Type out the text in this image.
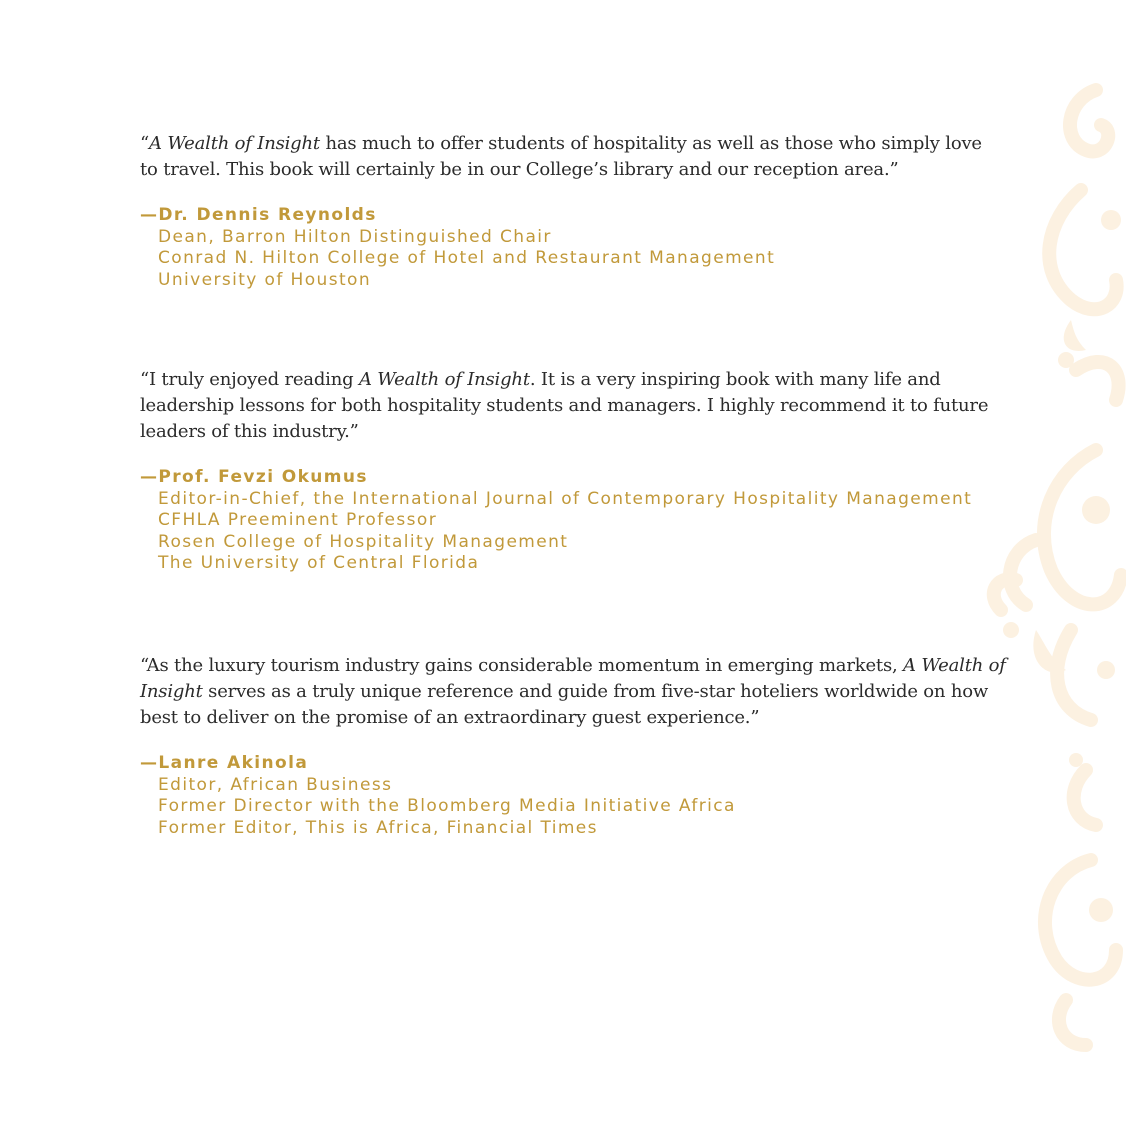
“A Wealth of Insight has much to offer students of hospitality as well as those who simply love to travel. This book will certainly be in our College’s library and our reception area.”

—Dr. Dennis Reynolds
Dean, Barron Hilton Distinguished Chair
Conrad N. Hilton College of Hotel and Restaurant Management
University of Houston

“I truly enjoyed reading A Wealth of Insight. It is a very inspiring book with many life and leadership lessons for both hospitality students and managers. I highly recommend it to future leaders of this industry.”

—Prof. Fevzi Okumus
Editor-in-Chief, the International Journal of Contemporary Hospitality Management
CFHLA Preeminent Professor
Rosen College of Hospitality Management
The University of Central Florida

“As the luxury tourism industry gains considerable momentum in emerging markets, A Wealth of Insight serves as a truly unique reference and guide from five-star hoteliers worldwide on how best to deliver on the promise of an extraordinary guest experience.”

—Lanre Akinola
Editor, African Business
Former Director with the Bloomberg Media Initiative Africa
Former Editor, This is Africa, Financial Times
